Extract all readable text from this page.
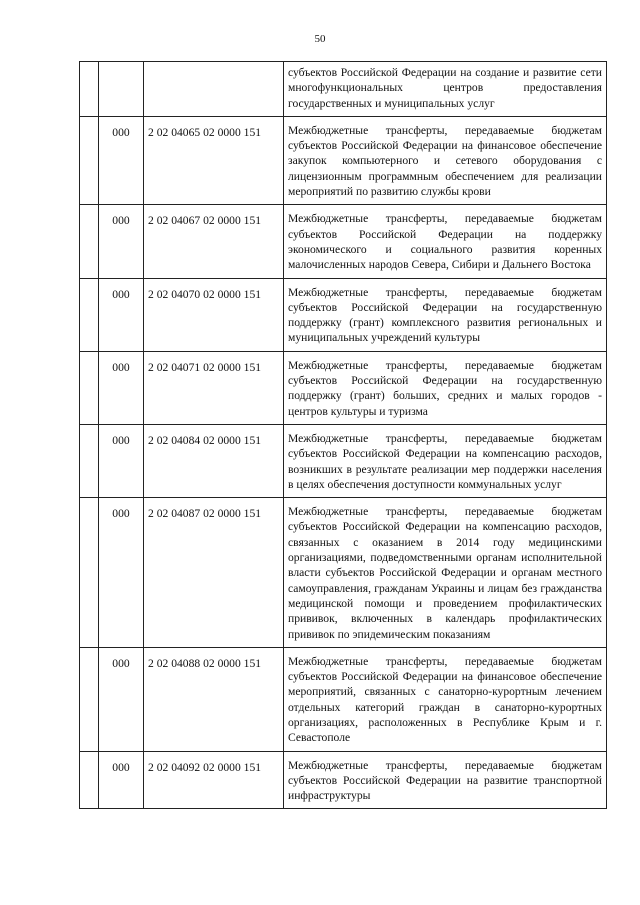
50
			субъектов Российской Федерации на создание и развитие сети многофункциональных центров предоставления государственных и муниципальных услуг
	000	2 02 04065 02 0000 151	Межбюджетные трансферты, передаваемые бюджетам субъектов Российской Федерации на финансовое обеспечение закупок компьютерного и сетевого оборудования с лицензионным программным обеспечением для реализации мероприятий по развитию службы крови
	000	2 02 04067 02 0000 151	Межбюджетные трансферты, передаваемые бюджетам субъектов Российской Федерации на поддержку экономического и социального развития коренных малочисленных народов Севера, Сибири и Дальнего Востока
	000	2 02 04070 02 0000 151	Межбюджетные трансферты, передаваемые бюджетам субъектов Российской Федерации на государственную поддержку (грант) комплексного развития региональных и муниципальных учреждений культуры
	000	2 02 04071 02 0000 151	Межбюджетные трансферты, передаваемые бюджетам субъектов Российской Федерации на государственную поддержку (грант) больших, средних и малых городов - центров культуры и туризма
	000	2 02 04084 02 0000 151	Межбюджетные трансферты, передаваемые бюджетам субъектов Российской Федерации на компенсацию расходов, возникших в результате реализации мер поддержки населения в целях обеспечения доступности коммунальных услуг
	000	2 02 04087 02 0000 151	Межбюджетные трансферты, передаваемые бюджетам субъектов Российской Федерации на компенсацию расходов, связанных с оказанием в 2014 году медицинскими организациями, подведомственными органам исполнительной власти субъектов Российской Федерации и органам местного самоуправления, гражданам Украины и лицам без гражданства медицинской помощи и проведением профилактических прививок, включенных в календарь профилактических прививок по эпидемическим показаниям
	000	2 02 04088 02 0000 151	Межбюджетные трансферты, передаваемые бюджетам субъектов Российской Федерации на финансовое обеспечение мероприятий, связанных с санаторно-курортным лечением отдельных категорий граждан в санаторно-курортных организациях, расположенных в Республике Крым и г. Севастополе
	000	2 02 04092 02 0000 151	Межбюджетные трансферты, передаваемые бюджетам субъектов Российской Федерации на развитие транспортной инфраструктуры
